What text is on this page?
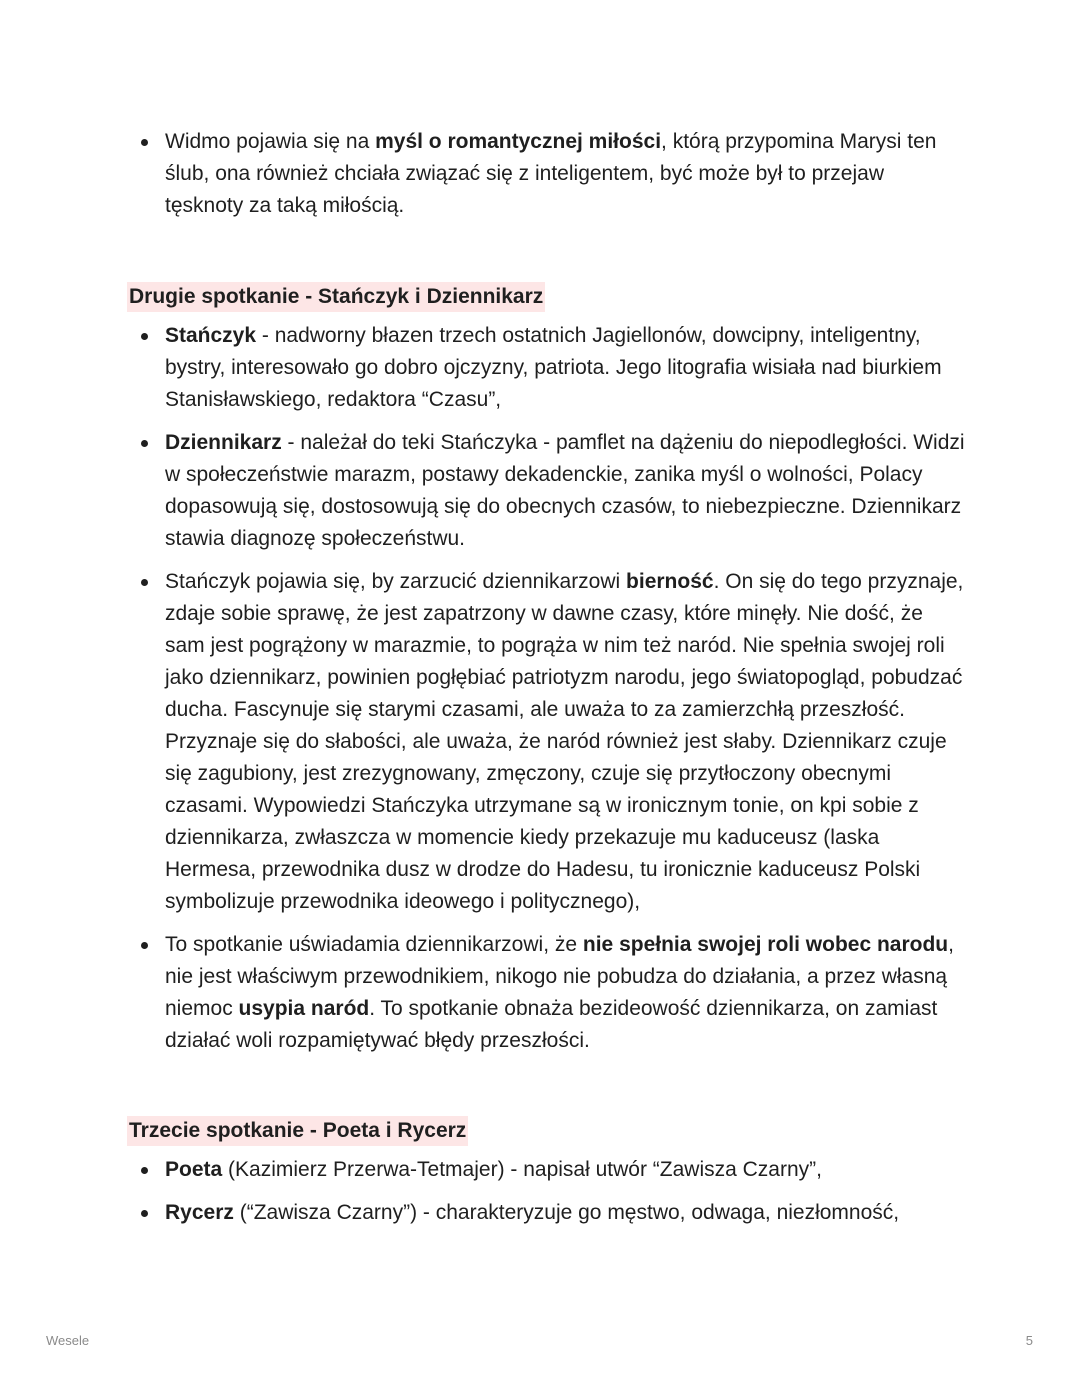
Widmo pojawia się na myśl o romantycznej miłości, którą przypomina Marysi ten ślub, ona również chciała związać się z inteligentem, być może był to przejaw tęsknoty za taką miłością.
Drugie spotkanie - Stańczyk i Dziennikarz
Stańczyk - nadworny błazen trzech ostatnich Jagiellonów, dowcipny, inteligentny, bystry, interesowało go dobro ojczyzny, patriota. Jego litografia wisiała nad biurkiem Stanisławskiego, redaktora “Czasu”,
Dziennikarz - należał do teki Stańczyka - pamflet na dążeniu do niepodległości. Widzi w społeczeństwie marazm, postawy dekadenckie, zanika myśl o wolności, Polacy dopasowują się, dostosowują się do obecnych czasów, to niebezpieczne. Dziennikarz stawia diagnozę społeczeństwu.
Stańczyk pojawia się, by zarzucić dziennikarzowi bierność. On się do tego przyznaje, zdaje sobie sprawę, że jest zapatrzony w dawne czasy, które minęły. Nie dość, że sam jest pogrążony w marazmie, to pogrąża w nim też naród. Nie spełnia swojej roli jako dziennikarz, powinien pogłębiać patriotyzm narodu, jego światopogląd, pobudzać ducha. Fascynuje się starymi czasami, ale uważa to za zamierzchłą przeszłość. Przyznaje się do słabości, ale uważa, że naród również jest słaby. Dziennikarz czuje się zagubiony, jest zrezygnowany, zmęczony, czuje się przytłoczony obecnymi czasami. Wypowiedzi Stańczyka utrzymane są w ironicznym tonie, on kpi sobie z dziennikarza, zwłaszcza w momencie kiedy przekazuje mu kaduceusz (laska Hermesa, przewodnika dusz w drodze do Hadesu, tu ironicznie kaduceusz Polski symbolizuje przewodnika ideowego i politycznego),
To spotkanie uświadamia dziennikarzowi, że nie spełnia swojej roli wobec narodu, nie jest właściwym przewodnikiem, nikogo nie pobudza do działania, a przez własną niemoc usypia naród. To spotkanie obnaża bezideowość dziennikarza, on zamiast działać woli rozpamiętywać błędy przeszłości.
Trzecie spotkanie - Poeta i Rycerz
Poeta (Kazimierz Przerwa-Tetmajer) - napisał utwór “Zawisza Czarny”,
Rycerz (“Zawisza Czarny”) - charakteryzuje go męstwo, odwaga, niezłomność,
Wesele	5
